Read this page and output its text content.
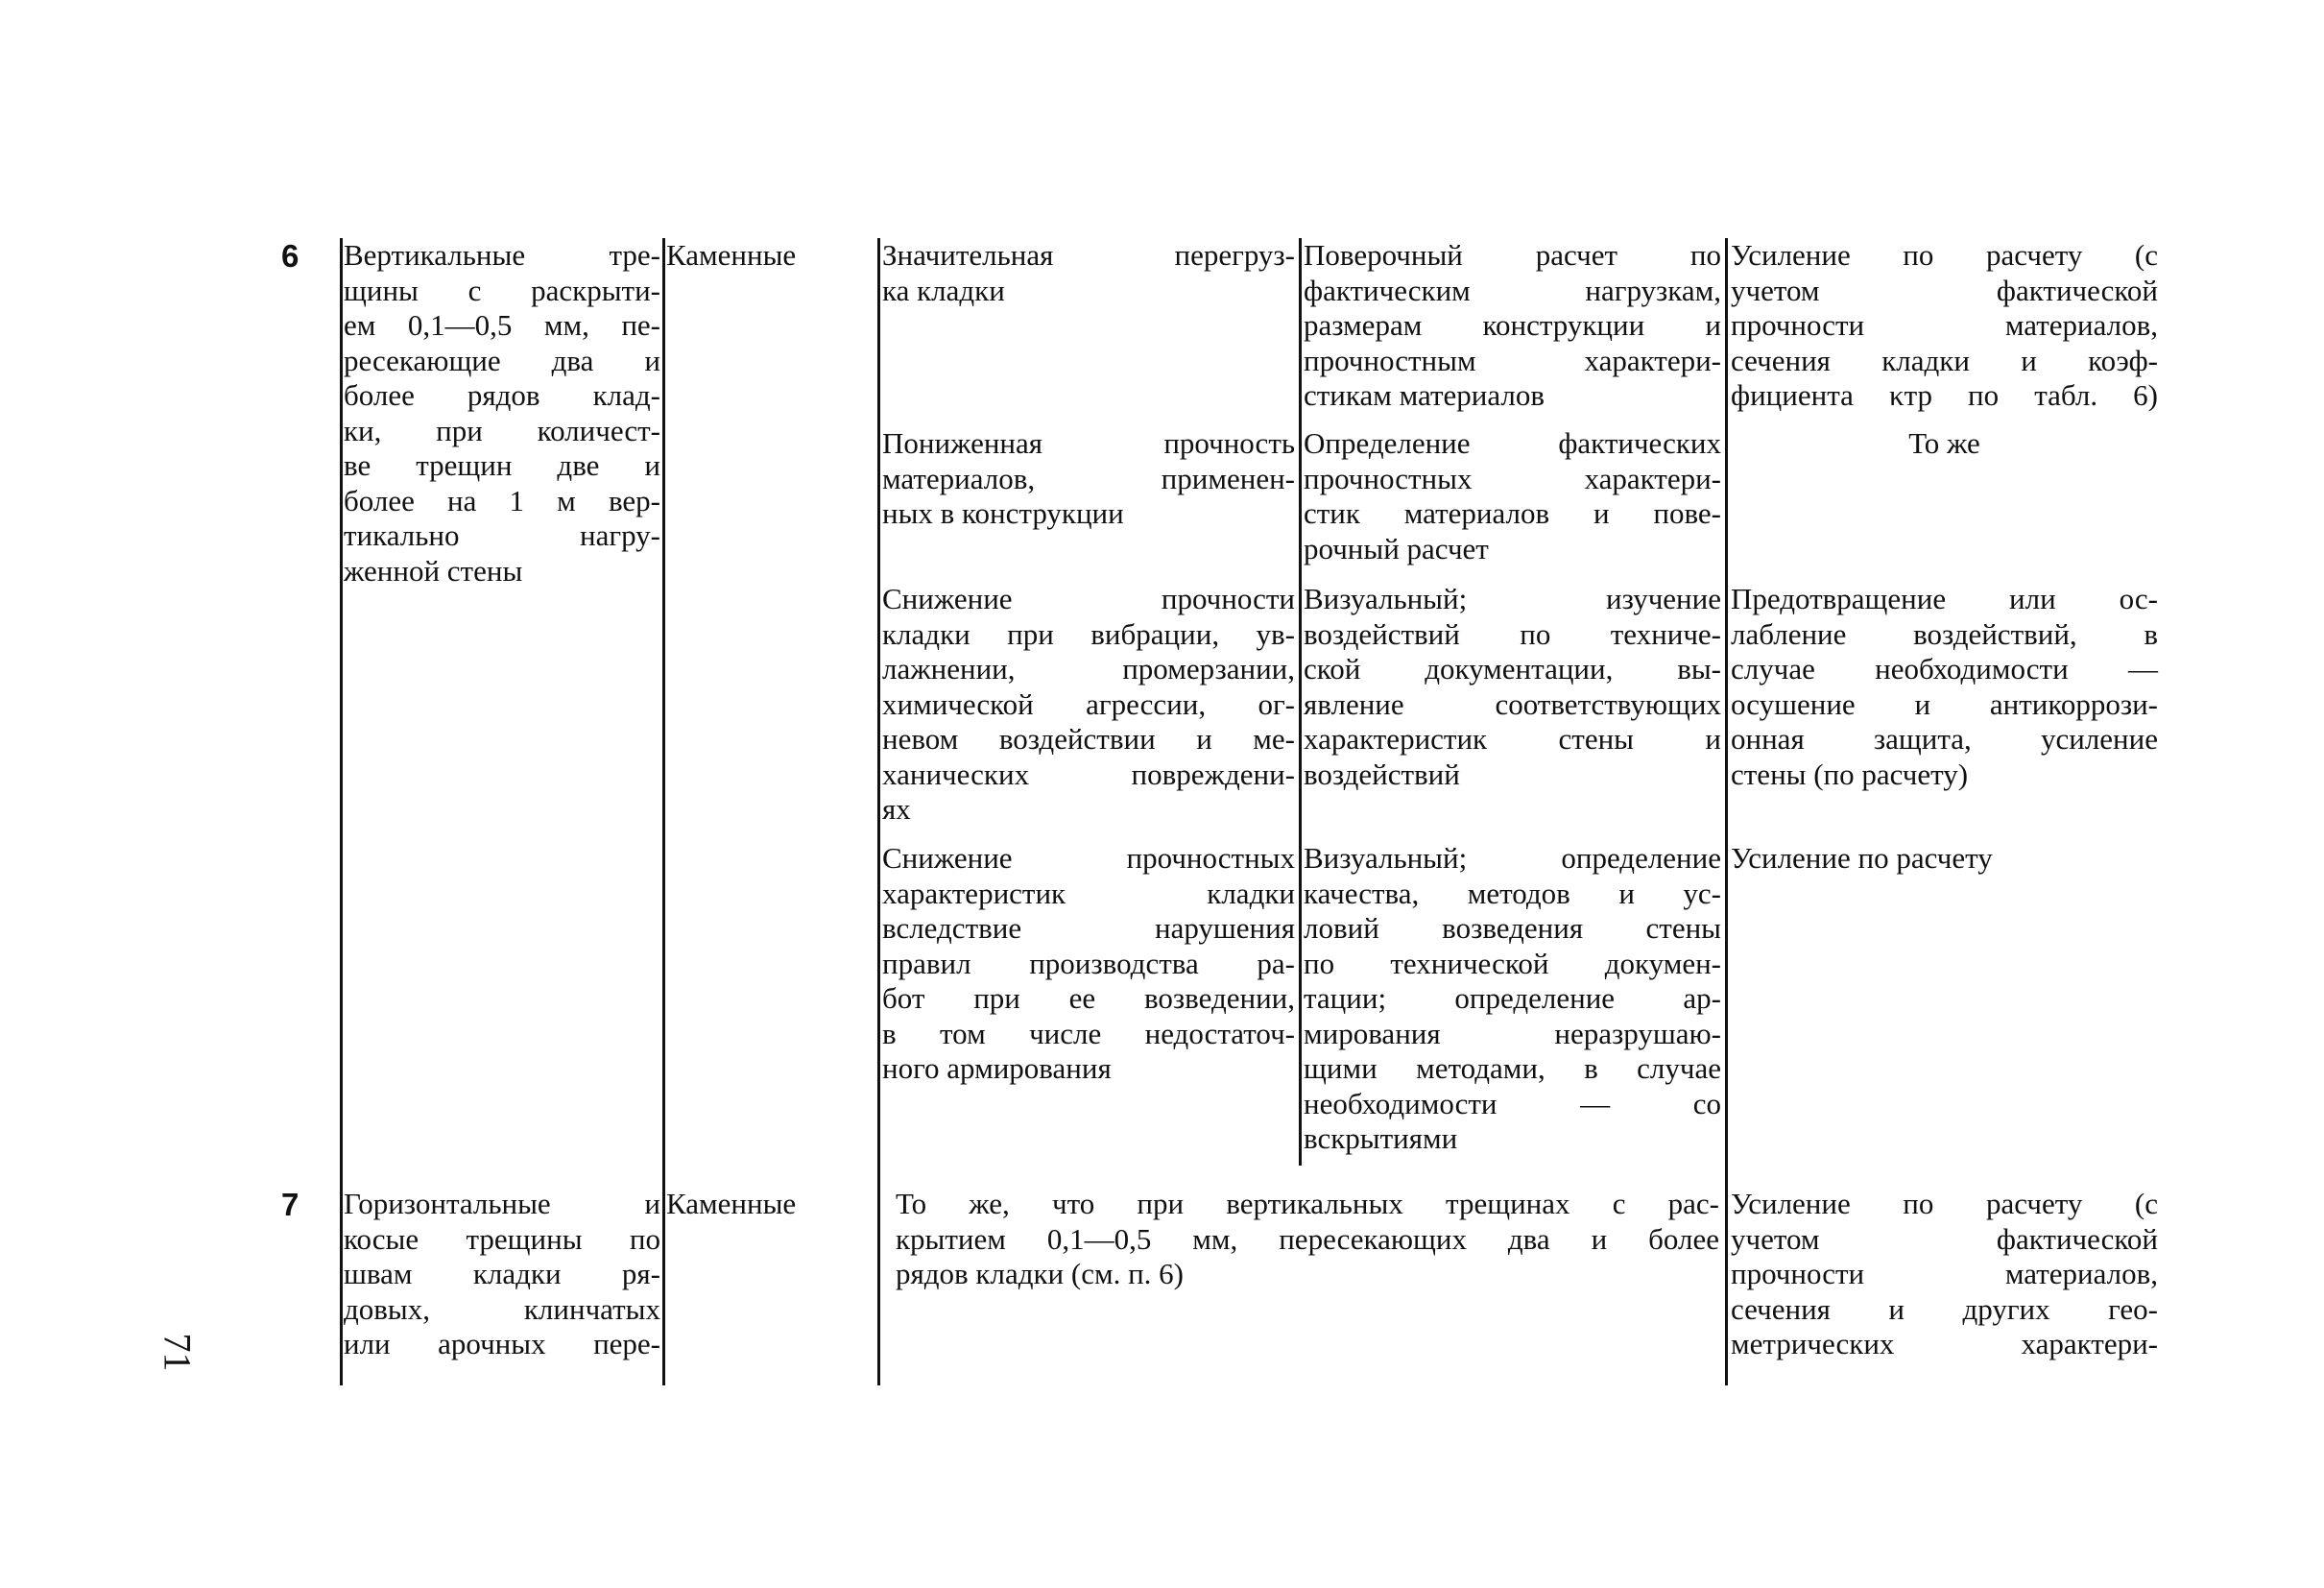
71
6 Вертикальные тре-
щины с раскрыти-
ем 0,1—0,5 мм, пе-
ресекающие два и
более рядов клад-
ки, при количест-
ве трещин две и
более на 1 м вер-
тикально нагру-
женной стены
Каменные	Значительная перегруз-
ка кладки
Поверочный расчет по
фактическим нагрузкам,
размерам конструкции и
прочностным характери-
стикам материалов
Усиление по расчету (с
учетом фактической
прочности материалов,
сечения кладки и коэф-
фициента κтр по табл. 6)
Пониженная прочность
материалов, применен-
ных в конструкции
Определение фактических
прочностных характери-
стик материалов и пове-
рочный расчет
То же
Снижение прочности
кладки при вибрации, ув-
лажнении, промерзании,
химической агрессии, ог-
невом воздействии и ме-
ханических повреждени-
ях
Визуальный; изучение
воздействий по техниче-
ской документации, вы-
явление соответствующих
характеристик стены и
воздействий
Предотвращение или ос-
лабление воздействий, в
случае необходимости —
осушение и антикоррози-
онная защита, усиление
стены (по расчету)
Снижение прочностных
характеристик кладки
вследствие нарушения
правил производства ра-
бот при ее возведении,
в том числе недостаточ-
ного армирования
Визуальный; определение
качества, методов и ус-
ловий возведения стены
по технической докумен-
тации; определение ар-
мирования неразрушаю-
щими методами, в случае
необходимости — со
вскрытиями
Усиление по расчету
7 Горизонтальные и
косые трещины по
швам кладки ря-
довых, клинчатых
или арочных пере-
Каменные	То же, что при вертикальных трещинах с рас-
крытием 0,1—0,5 мм, пересекающих два и более
рядов кладки (см. п. 6)
Усиление по расчету (с
учетом фактической
прочности материалов,
сечения и других гео-
метрических характери-
